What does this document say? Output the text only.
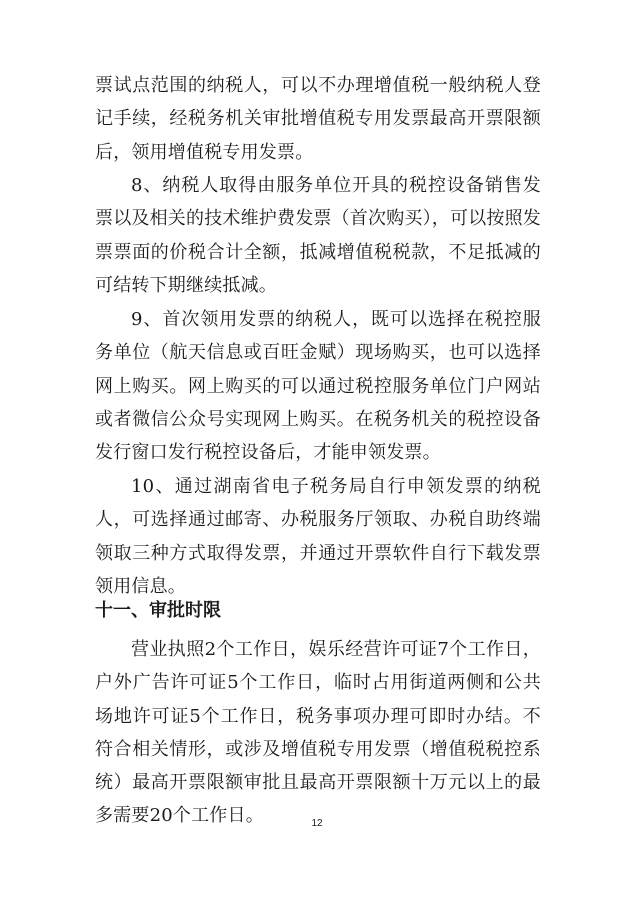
票试点范围的纳税人，可以不办理增值税一般纳税人登记手续，经税务机关审批增值税专用发票最高开票限额后，领用增值税专用发票。

8、纳税人取得由服务单位开具的税控设备销售发票以及相关的技术维护费发票（首次购买），可以按照发票票面的价税合计全额，抵减增值税税款，不足抵减的可结转下期继续抵减。

9、首次领用发票的纳税人，既可以选择在税控服务单位（航天信息或百旺金赋）现场购买，也可以选择网上购买。网上购买的可以通过税控服务单位门户网站或者微信公众号实现网上购买。在税务机关的税控设备发行窗口发行税控设备后，才能申领发票。

10、通过湖南省电子税务局自行申领发票的纳税人，可选择通过邮寄、办税服务厅领取、办税自助终端领取三种方式取得发票，并通过开票软件自行下载发票领用信息。

十一、审批时限

营业执照2个工作日，娱乐经营许可证7个工作日，户外广告许可证5个工作日，临时占用街道两侧和公共场地许可证5个工作日，税务事项办理可即时办结。不符合相关情形，或涉及增值税专用发票（增值税税控系统）最高开票限额审批且最高开票限额十万元以上的最多需要20个工作日。	12
